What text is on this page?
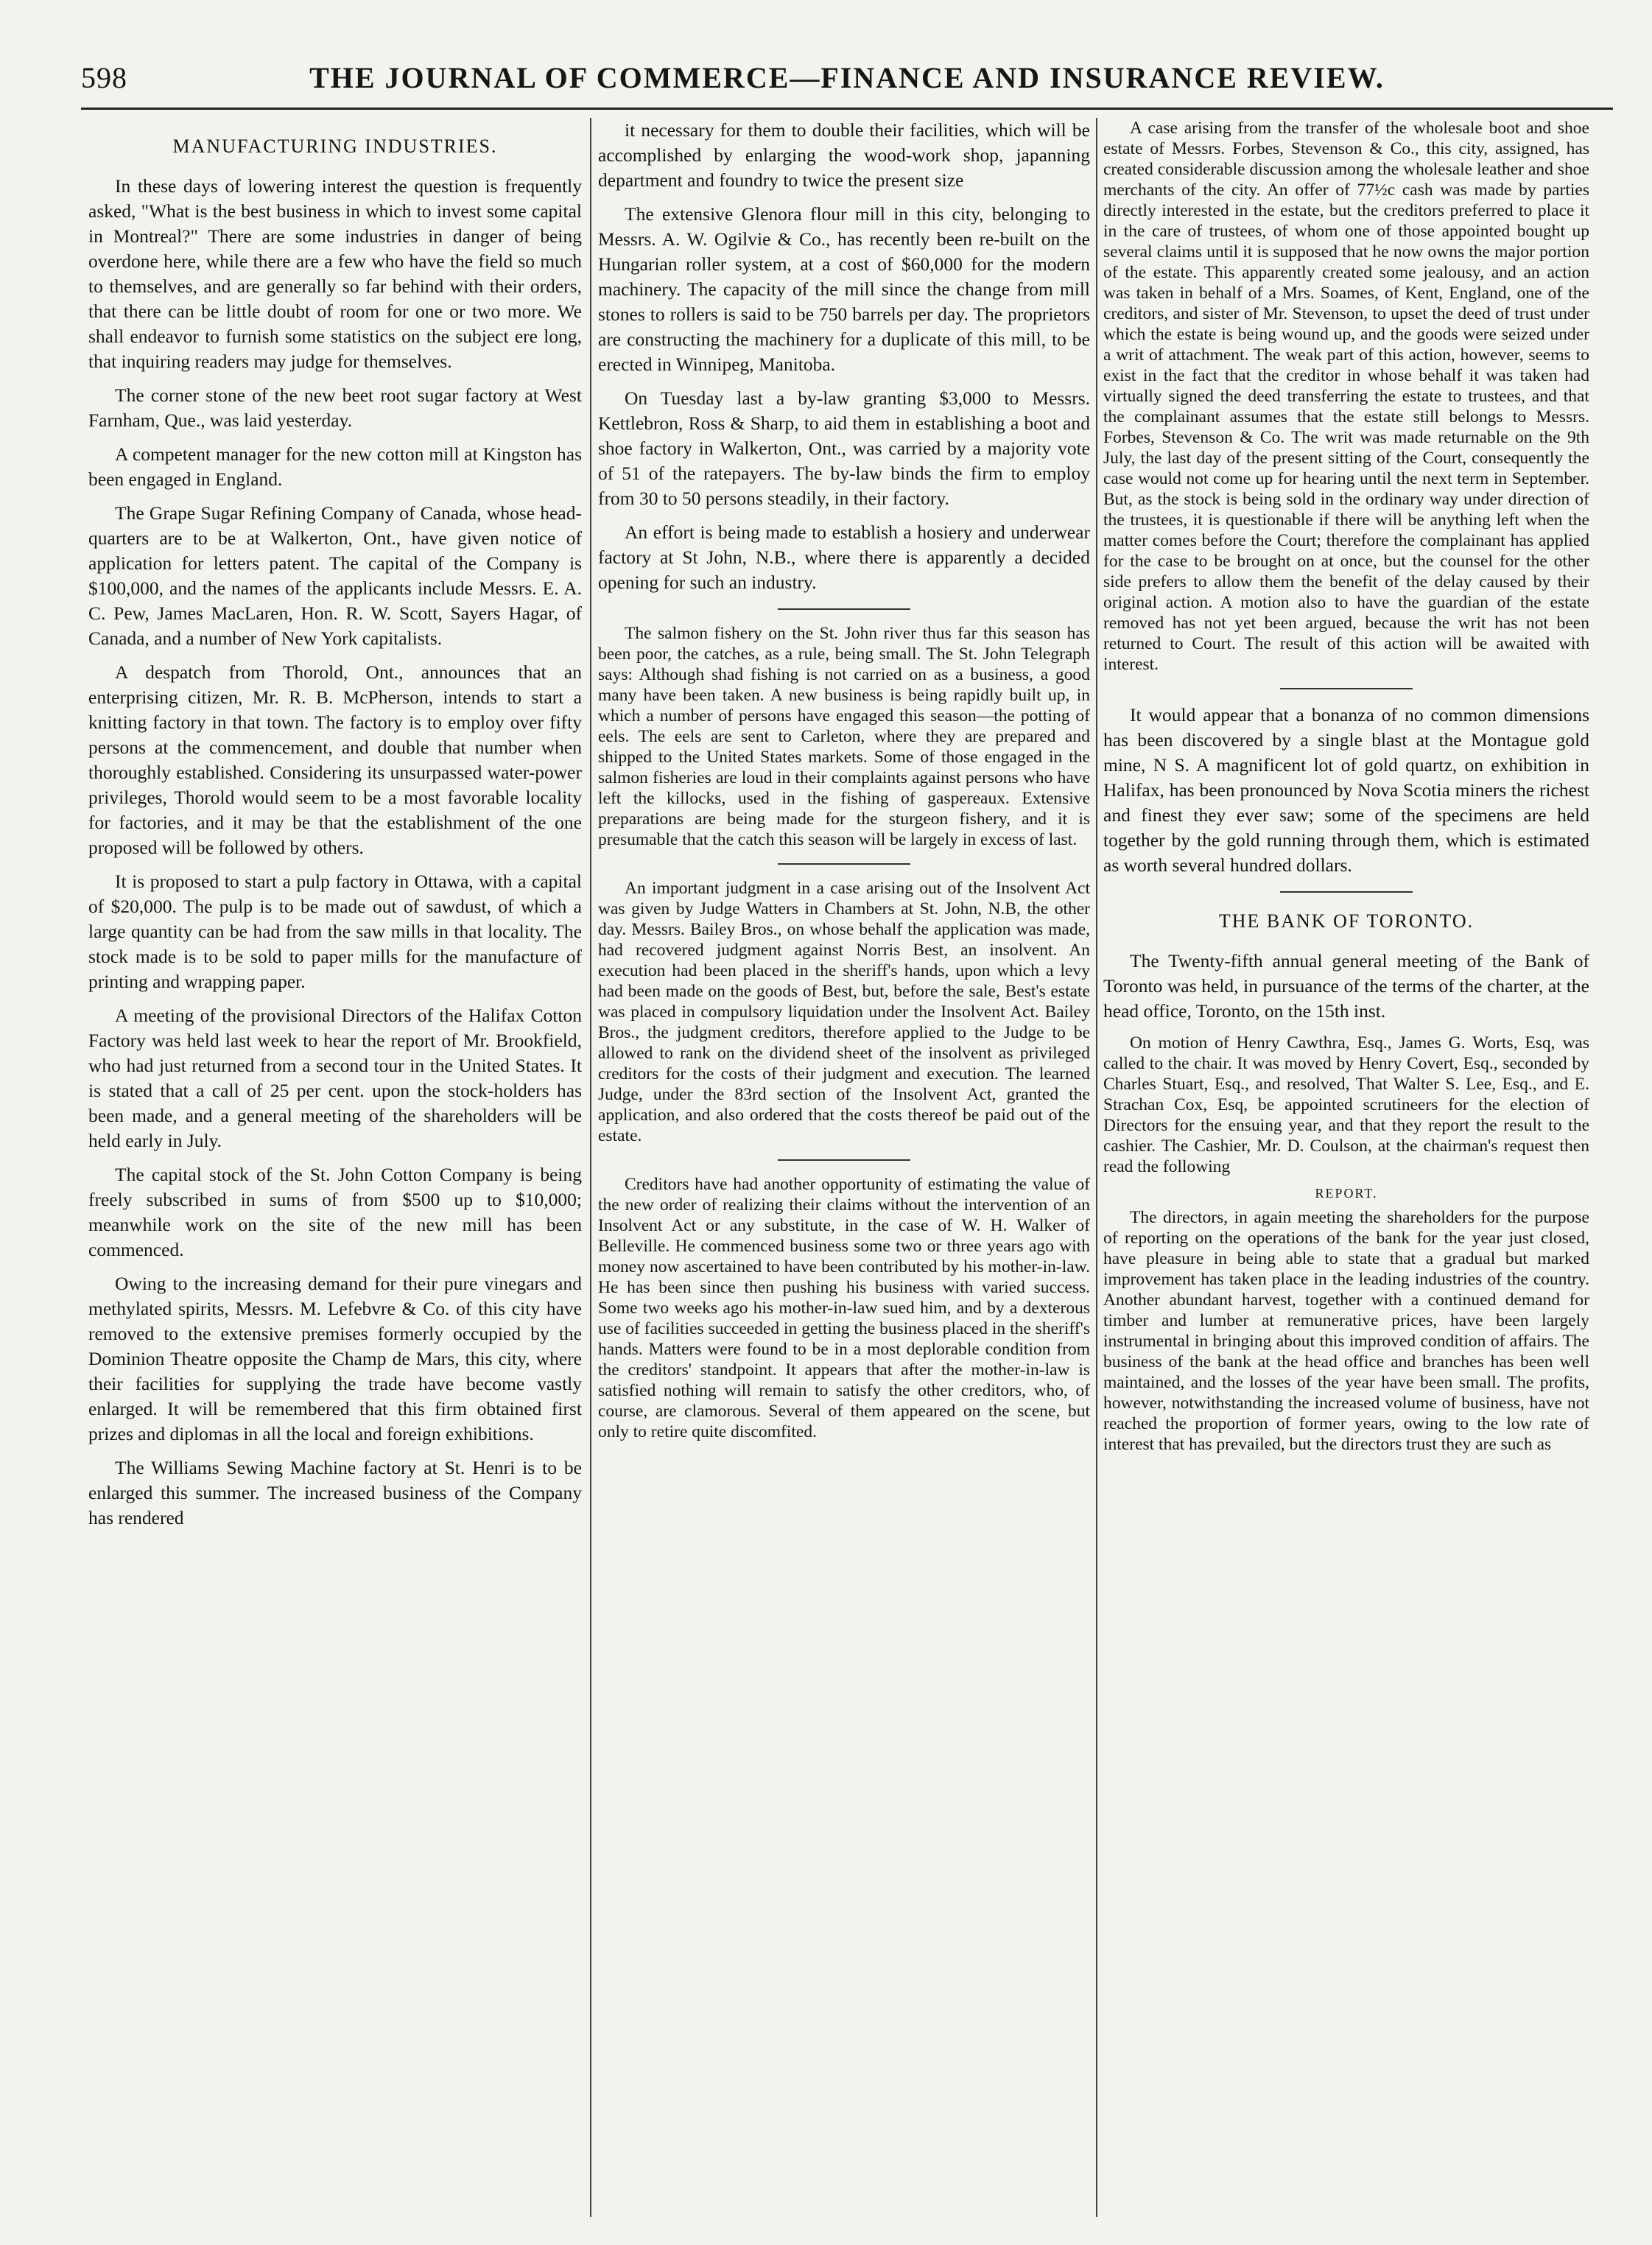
598	THE JOURNAL OF COMMERCE—FINANCE AND INSURANCE REVIEW.
MANUFACTURING INDUSTRIES.

In these days of lowering interest the question is frequently asked, "What is the best business in which to invest some capital in Montreal?" There are some industries in danger of being overdone here, while there are a few who have the field so much to themselves, and are generally so far behind with their orders, that there can be little doubt of room for one or two more. We shall endeavor to furnish some statistics on the subject ere long, that inquiring readers may judge for themselves.

The corner stone of the new beet root sugar factory at West Farnham, Que., was laid yesterday.

A competent manager for the new cotton mill at Kingston has been engaged in England.

The Grape Sugar Refining Company of Canada, whose head-quarters are to be at Walkerton, Ont., have given notice of application for letters patent. The capital of the Company is $100,000, and the names of the applicants include Messrs. E. A. C. Pew, James MacLaren, Hon. R. W. Scott, Sayers Hagar, of Canada, and a number of New York capitalists.

A despatch from Thorold, Ont., announces that an enterprising citizen, Mr. R. B. McPherson, intends to start a knitting factory in that town. The factory is to employ over fifty persons at the commencement, and double that number when thoroughly established. Considering its unsurpassed water-power privileges, Thorold would seem to be a most favorable locality for factories, and it may be that the establishment of the one proposed will be followed by others.

It is proposed to start a pulp factory in Ottawa, with a capital of $20,000. The pulp is to be made out of sawdust, of which a large quantity can be had from the saw mills in that locality. The stock made is to be sold to paper mills for the manufacture of printing and wrapping paper.

A meeting of the provisional Directors of the Halifax Cotton Factory was held last week to hear the report of Mr. Brookfield, who had just returned from a second tour in the United States. It is stated that a call of 25 per cent. upon the stock-holders has been made, and a general meeting of the shareholders will be held early in July.

The capital stock of the St. John Cotton Company is being freely subscribed in sums of from $500 up to $10,000; meanwhile work on the site of the new mill has been commenced.

Owing to the increasing demand for their pure vinegars and methylated spirits, Messrs. M. Lefebvre & Co. of this city have removed to the extensive premises formerly occupied by the Dominion Theatre opposite the Champ de Mars, this city, where their facilities for supplying the trade have become vastly enlarged. It will be remembered that this firm obtained first prizes and diplomas in all the local and foreign exhibitions.

The Williams Sewing Machine factory at St. Henri is to be enlarged this summer. The increased business of the Company has rendered

it necessary for them to double their facilities, which will be accomplished by enlarging the wood-work shop, japanning department and foundry to twice the present size

The extensive Glenora flour mill in this city, belonging to Messrs. A. W. Ogilvie & Co., has recently been re-built on the Hungarian roller system, at a cost of $60,000 for the modern machinery. The capacity of the mill since the change from mill stones to rollers is said to be 750 barrels per day. The proprietors are constructing the machinery for a duplicate of this mill, to be erected in Winnipeg, Manitoba.

On Tuesday last a by-law granting $3,000 to Messrs. Kettlebron, Ross & Sharp, to aid them in establishing a boot and shoe factory in Walkerton, Ont., was carried by a majority vote of 51 of the ratepayers. The by-law binds the firm to employ from 30 to 50 persons steadily, in their factory.

An effort is being made to establish a hosiery and underwear factory at St John, N.B., where there is apparently a decided opening for such an industry.

The salmon fishery on the St. John river thus far this season has been poor, the catches, as a rule, being small. The St. John Telegraph says: Although shad fishing is not carried on as a business, a good many have been taken. A new business is being rapidly built up, in which a number of persons have engaged this season—the potting of eels. The eels are sent to Carleton, where they are prepared and shipped to the United States markets. Some of those engaged in the salmon fisheries are loud in their complaints against persons who have left the killocks, used in the fishing of gaspereaux. Extensive preparations are being made for the sturgeon fishery, and it is presumable that the catch this season will be largely in excess of last.

An important judgment in a case arising out of the Insolvent Act was given by Judge Watters in Chambers at St. John, N.B, the other day. Messrs. Bailey Bros., on whose behalf the application was made, had recovered judgment against Norris Best, an insolvent. An execution had been placed in the sheriff's hands, upon which a levy had been made on the goods of Best, but, before the sale, Best's estate was placed in compulsory liquidation under the Insolvent Act. Bailey Bros., the judgment creditors, therefore applied to the Judge to be allowed to rank on the dividend sheet of the insolvent as privileged creditors for the costs of their judgment and execution. The learned Judge, under the 83rd section of the Insolvent Act, granted the application, and also ordered that the costs thereof be paid out of the estate.

Creditors have had another opportunity of estimating the value of the new order of realizing their claims without the intervention of an Insolvent Act or any substitute, in the case of W. H. Walker of Belleville. He commenced business some two or three years ago with money now ascertained to have been contributed by his mother-in-law. He has been since then pushing his business with varied success. Some two weeks ago his mother-in-law sued him, and by a dexterous use of facilities succeeded in getting the business placed in the sheriff's hands. Matters were found to be in a most deplorable condition from the creditors' standpoint. It appears that after the mother-in-law is satisfied nothing will remain to satisfy the other creditors, who, of course, are clamorous. Several of them appeared on the scene, but only to retire quite discomfited.

A case arising from the transfer of the wholesale boot and shoe estate of Messrs. Forbes, Stevenson & Co., this city, assigned, has created considerable discussion among the wholesale leather and shoe merchants of the city. An offer of 77½c cash was made by parties directly interested in the estate, but the creditors preferred to place it in the care of trustees, of whom one of those appointed bought up several claims until it is supposed that he now owns the major portion of the estate. This apparently created some jealousy, and an action was taken in behalf of a Mrs. Soames, of Kent, England, one of the creditors, and sister of Mr. Stevenson, to upset the deed of trust under which the estate is being wound up, and the goods were seized under a writ of attachment. The weak part of this action, however, seems to exist in the fact that the creditor in whose behalf it was taken had virtually signed the deed transferring the estate to trustees, and that the complainant assumes that the estate still belongs to Messrs. Forbes, Stevenson & Co. The writ was made returnable on the 9th July, the last day of the present sitting of the Court, consequently the case would not come up for hearing until the next term in September. But, as the stock is being sold in the ordinary way under direction of the trustees, it is questionable if there will be anything left when the matter comes before the Court; therefore the complainant has applied for the case to be brought on at once, but the counsel for the other side prefers to allow them the benefit of the delay caused by their original action. A motion also to have the guardian of the estate removed has not yet been argued, because the writ has not been returned to Court. The result of this action will be awaited with interest.

It would appear that a bonanza of no common dimensions has been discovered by a single blast at the Montague gold mine, N S. A magnificent lot of gold quartz, on exhibition in Halifax, has been pronounced by Nova Scotia miners the richest and finest they ever saw; some of the specimens are held together by the gold running through them, which is estimated as worth several hundred dollars.

THE BANK OF TORONTO.

The Twenty-fifth annual general meeting of the Bank of Toronto was held, in pursuance of the terms of the charter, at the head office, Toronto, on the 15th inst.

On motion of Henry Cawthra, Esq., James G. Worts, Esq, was called to the chair. It was moved by Henry Covert, Esq., seconded by Charles Stuart, Esq., and resolved, That Walter S. Lee, Esq., and E. Strachan Cox, Esq, be appointed scrutineers for the election of Directors for the ensuing year, and that they report the result to the cashier. The Cashier, Mr. D. Coulson, at the chairman's request then read the following

REPORT.

The directors, in again meeting the shareholders for the purpose of reporting on the operations of the bank for the year just closed, have pleasure in being able to state that a gradual but marked improvement has taken place in the leading industries of the country. Another abundant harvest, together with a continued demand for timber and lumber at remunerative prices, have been largely instrumental in bringing about this improved condition of affairs. The business of the bank at the head office and branches has been well maintained, and the losses of the year have been small. The profits, however, notwithstanding the increased volume of business, have not reached the proportion of former years, owing to the low rate of interest that has prevailed, but the directors trust they are such as
